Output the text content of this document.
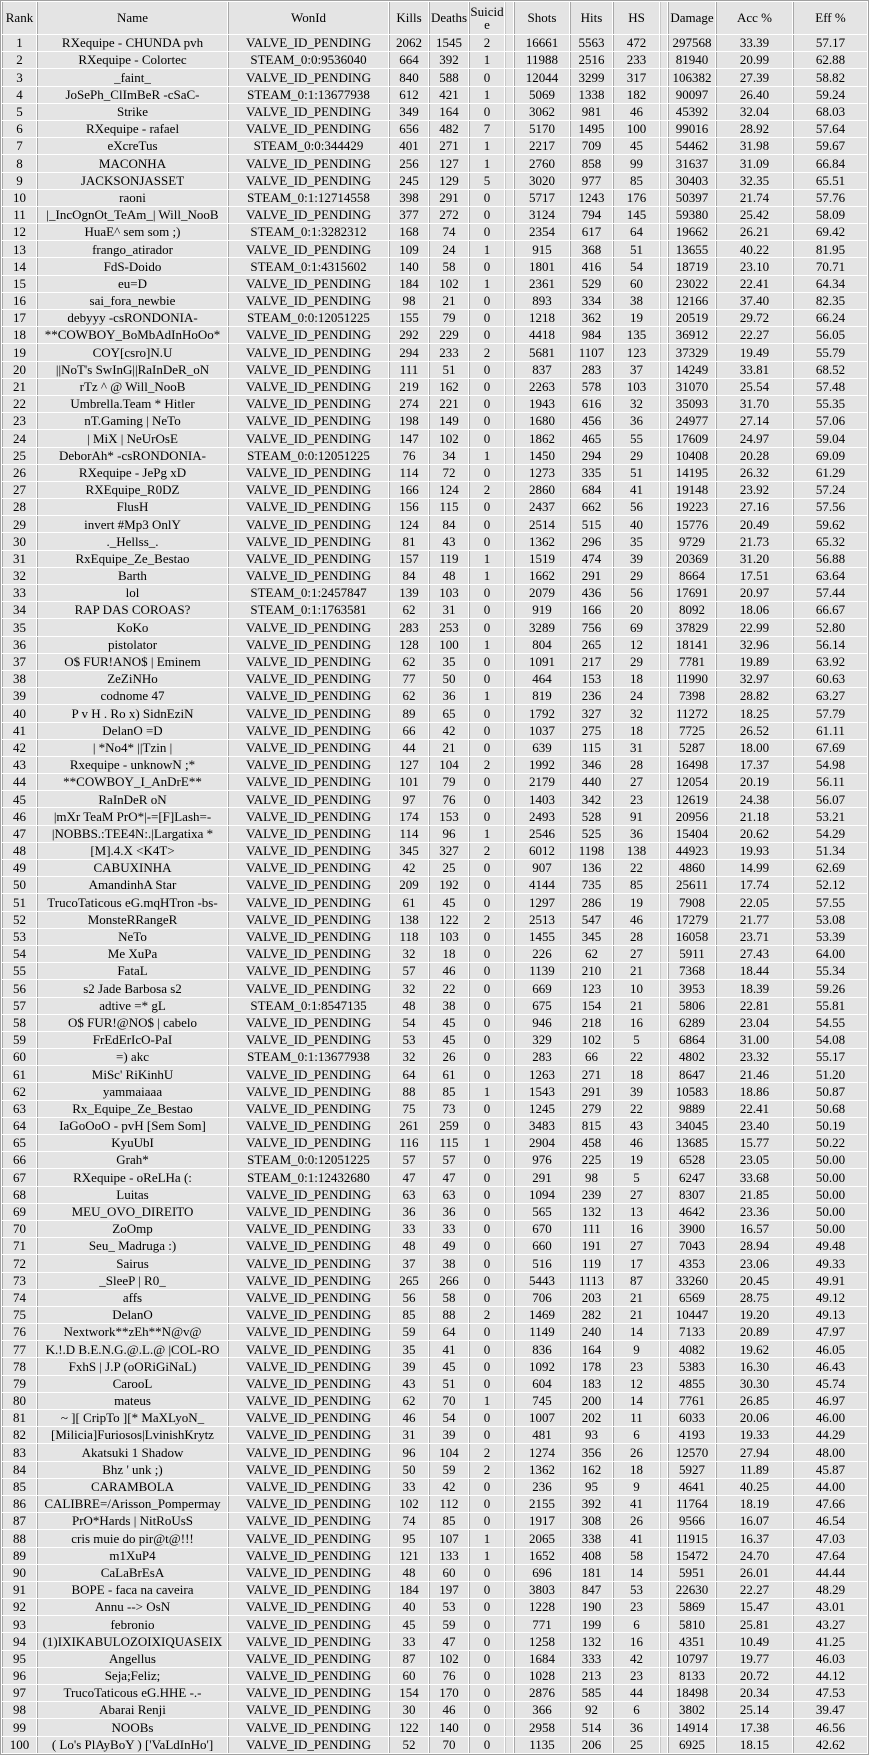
Rank	Name	WonId	Kills	Deaths	Suicide		Shots	Hits	HS		Damage	Acc %	Eff %
1	RXequipe - CHUNDA pvh	VALVE_ID_PENDING	2062	1545	2		16661	5563	472		297568	33.39	57.17
2	RXequipe - Colortec	STEAM_0:0:9536040	664	392	1		11988	2516	233		81940	20.99	62.88
3	_faint_	VALVE_ID_PENDING	840	588	0		12044	3299	317		106382	27.39	58.82
4	JoSePh_ClImBeR -cSaC-	STEAM_0:1:13677938	612	421	1		5069	1338	182		90097	26.40	59.24
5	Strike	VALVE_ID_PENDING	349	164	0		3062	981	46		45392	32.04	68.03
6	RXequipe - rafael	VALVE_ID_PENDING	656	482	7		5170	1495	100		99016	28.92	57.64
7	eXcreTus	STEAM_0:0:344429	401	271	1		2217	709	45		54462	31.98	59.67
8	MACONHA	VALVE_ID_PENDING	256	127	1		2760	858	99		31637	31.09	66.84
9	JACKSONJASSET	VALVE_ID_PENDING	245	129	5		3020	977	85		30403	32.35	65.51
10	raoni	STEAM_0:1:12714558	398	291	0		5717	1243	176		50397	21.74	57.76
11	|_IncOgnOt_TeAm_| Will_NooB	VALVE_ID_PENDING	377	272	0		3124	794	145		59380	25.42	58.09
12	HuaE^ sem som ;)	STEAM_0:1:3282312	168	74	0		2354	617	64		19662	26.21	69.42
13	frango_atirador	VALVE_ID_PENDING	109	24	1		915	368	51		13655	40.22	81.95
14	FdS-Doido	STEAM_0:1:4315602	140	58	0		1801	416	54		18719	23.10	70.71
15	eu=D	VALVE_ID_PENDING	184	102	1		2361	529	60		23022	22.41	64.34
16	sai_fora_newbie	VALVE_ID_PENDING	98	21	0		893	334	38		12166	37.40	82.35
17	debyyy -csRONDONIA-	STEAM_0:0:12051225	155	79	0		1218	362	19		20519	29.72	66.24
18	**COWBOY_BoMbAdInHoOo*	VALVE_ID_PENDING	292	229	0		4418	984	135		36912	22.27	56.05
19	COY[csro]N.U	VALVE_ID_PENDING	294	233	2		5681	1107	123		37329	19.49	55.79
20	||NoT's SwInG||RaInDeR_oN	VALVE_ID_PENDING	111	51	0		837	283	37		14249	33.81	68.52
21	rTz ^ @ Will_NooB	VALVE_ID_PENDING	219	162	0		2263	578	103		31070	25.54	57.48
22	Umbrella.Team * Hitler	VALVE_ID_PENDING	274	221	0		1943	616	32		35093	31.70	55.35
23	nT.Gaming | NeTo	VALVE_ID_PENDING	198	149	0		1680	456	36		24977	27.14	57.06
24	| MiX | NeUrOsE	VALVE_ID_PENDING	147	102	0		1862	465	55		17609	24.97	59.04
25	DeborAh* -csRONDONIA-	STEAM_0:0:12051225	76	34	1		1450	294	29		10408	20.28	69.09
26	RXequipe - JePg xD	VALVE_ID_PENDING	114	72	0		1273	335	51		14195	26.32	61.29
27	RXEquipe_R0DZ	VALVE_ID_PENDING	166	124	2		2860	684	41		19148	23.92	57.24
28	FlusH	VALVE_ID_PENDING	156	115	0		2437	662	56		19223	27.16	57.56
29	invert #Mp3 OnlY	VALVE_ID_PENDING	124	84	0		2514	515	40		15776	20.49	59.62
30	._Hellss_.	VALVE_ID_PENDING	81	43	0		1362	296	35		9729	21.73	65.32
31	RxEquipe_Ze_Bestao	VALVE_ID_PENDING	157	119	1		1519	474	39		20369	31.20	56.88
32	Barth	VALVE_ID_PENDING	84	48	1		1662	291	29		8664	17.51	63.64
33	lol	STEAM_0:1:2457847	139	103	0		2079	436	56		17691	20.97	57.44
34	RAP DAS COROAS?	STEAM_0:1:1763581	62	31	0		919	166	20		8092	18.06	66.67
35	KoKo	VALVE_ID_PENDING	283	253	0		3289	756	69		37829	22.99	52.80
36	pistolator	VALVE_ID_PENDING	128	100	1		804	265	12		18141	32.96	56.14
37	O$ FUR!ANO$ | Eminem	VALVE_ID_PENDING	62	35	0		1091	217	29		7781	19.89	63.92
38	ZeZiNHo	VALVE_ID_PENDING	77	50	0		464	153	18		11990	32.97	60.63
39	codnome 47	VALVE_ID_PENDING	62	36	1		819	236	24		7398	28.82	63.27
40	P v H . Ro x) SidnEziN	VALVE_ID_PENDING	89	65	0		1792	327	32		11272	18.25	57.79
41	DelanO =D	VALVE_ID_PENDING	66	42	0		1037	275	18		7725	26.52	61.11
42	| *No4* ||Tzin |	VALVE_ID_PENDING	44	21	0		639	115	31		5287	18.00	67.69
43	Rxequipe - unknowN ;*	VALVE_ID_PENDING	127	104	2		1992	346	28		16498	17.37	54.98
44	**COWBOY_I_AnDrE**	VALVE_ID_PENDING	101	79	0		2179	440	27		12054	20.19	56.11
45	RaInDeR oN	VALVE_ID_PENDING	97	76	0		1403	342	23		12619	24.38	56.07
46	|mXr TeaM PrO*|-=[F]Lash=-	VALVE_ID_PENDING	174	153	0		2493	528	91		20956	21.18	53.21
47	|NOBBS.:TEE4N:.|Largatixa *	VALVE_ID_PENDING	114	96	1		2546	525	36		15404	20.62	54.29
48	[M].4.X <K4T>	VALVE_ID_PENDING	345	327	2		6012	1198	138		44923	19.93	51.34
49	CABUXINHA	VALVE_ID_PENDING	42	25	0		907	136	22		4860	14.99	62.69
50	AmandinhA Star	VALVE_ID_PENDING	209	192	0		4144	735	85		25611	17.74	52.12
51	TrucoTaticous eG.mqHTron -bs-	VALVE_ID_PENDING	61	45	0		1297	286	19		7908	22.05	57.55
52	MonsteRRangeR	VALVE_ID_PENDING	138	122	2		2513	547	46		17279	21.77	53.08
53	NeTo	VALVE_ID_PENDING	118	103	0		1455	345	28		16058	23.71	53.39
54	Me XuPa	VALVE_ID_PENDING	32	18	0		226	62	27		5911	27.43	64.00
55	FataL	VALVE_ID_PENDING	57	46	0		1139	210	21		7368	18.44	55.34
56	s2 Jade Barbosa s2	VALVE_ID_PENDING	32	22	0		669	123	10		3953	18.39	59.26
57	adtive =* gL	STEAM_0:1:8547135	48	38	0		675	154	21		5806	22.81	55.81
58	O$ FUR!@NO$ | cabelo	VALVE_ID_PENDING	54	45	0		946	218	16		6289	23.04	54.55
59	FrEdErIcO-PaI	VALVE_ID_PENDING	53	45	0		329	102	5		6864	31.00	54.08
60	=) akc	STEAM_0:1:13677938	32	26	0		283	66	22		4802	23.32	55.17
61	MiSc' RiKinhU	VALVE_ID_PENDING	64	61	0		1263	271	18		8647	21.46	51.20
62	yammaiaaa	VALVE_ID_PENDING	88	85	1		1543	291	39		10583	18.86	50.87
63	Rx_Equipe_Ze_Bestao	VALVE_ID_PENDING	75	73	0		1245	279	22		9889	22.41	50.68
64	IaGoOoO - pvH [Sem Som]	VALVE_ID_PENDING	261	259	0		3483	815	43		34045	23.40	50.19
65	KyuUbI	VALVE_ID_PENDING	116	115	1		2904	458	46		13685	15.77	50.22
66	Grah*	STEAM_0:0:12051225	57	57	0		976	225	19		6528	23.05	50.00
67	RXequipe - oReLHa (:	STEAM_0:1:12432680	47	47	0		291	98	5		6247	33.68	50.00
68	Luitas	VALVE_ID_PENDING	63	63	0		1094	239	27		8307	21.85	50.00
69	MEU_OVO_DIREITO	VALVE_ID_PENDING	36	36	0		565	132	13		4642	23.36	50.00
70	ZoOmp	VALVE_ID_PENDING	33	33	0		670	111	16		3900	16.57	50.00
71	Seu_ Madruga :)	VALVE_ID_PENDING	48	49	0		660	191	27		7043	28.94	49.48
72	Sairus	VALVE_ID_PENDING	37	38	0		516	119	17		4353	23.06	49.33
73	_SleeP | R0_	VALVE_ID_PENDING	265	266	0		5443	1113	87		33260	20.45	49.91
74	affs	VALVE_ID_PENDING	56	58	0		706	203	21		6569	28.75	49.12
75	DelanO	VALVE_ID_PENDING	85	88	2		1469	282	21		10447	19.20	49.13
76	Nextwork**zEh**N@v@	VALVE_ID_PENDING	59	64	0		1149	240	14		7133	20.89	47.97
77	K.!.D B.E.N.G.@.L.@ |COL-RO	VALVE_ID_PENDING	35	41	0		836	164	9		4082	19.62	46.05
78	FxhS | J.P (oORiGiNaL)	VALVE_ID_PENDING	39	45	0		1092	178	23		5383	16.30	46.43
79	CarooL	VALVE_ID_PENDING	43	51	0		604	183	12		4855	30.30	45.74
80	mateus	VALVE_ID_PENDING	62	70	1		745	200	14		7761	26.85	46.97
81	~ ][ CripTo ][* MaXLyoN_	VALVE_ID_PENDING	46	54	0		1007	202	11		6033	20.06	46.00
82	[Milicia]Furiosos|LvinishKrytz	VALVE_ID_PENDING	31	39	0		481	93	6		4193	19.33	44.29
83	Akatsuki 1 Shadow	VALVE_ID_PENDING	96	104	2		1274	356	26		12570	27.94	48.00
84	Bhz ' unk ;)	VALVE_ID_PENDING	50	59	2		1362	162	18		5927	11.89	45.87
85	CARAMBOLA	VALVE_ID_PENDING	33	42	0		236	95	9		4641	40.25	44.00
86	CALIBRE=/Arisson_Pompermay	VALVE_ID_PENDING	102	112	0		2155	392	41		11764	18.19	47.66
87	PrO*Hards | NitRoUsS	VALVE_ID_PENDING	74	85	0		1917	308	26		9566	16.07	46.54
88	cris muie do pir@t@!!!	VALVE_ID_PENDING	95	107	1		2065	338	41		11915	16.37	47.03
89	m1XuP4	VALVE_ID_PENDING	121	133	1		1652	408	58		15472	24.70	47.64
90	CaLaBrEsA	VALVE_ID_PENDING	48	60	0		696	181	14		5951	26.01	44.44
91	BOPE - faca na caveira	VALVE_ID_PENDING	184	197	0		3803	847	53		22630	22.27	48.29
92	Annu --> OsN	VALVE_ID_PENDING	40	53	0		1228	190	23		5869	15.47	43.01
93	febronio	VALVE_ID_PENDING	45	59	0		771	199	6		5810	25.81	43.27
94	(1)IXIKABULOZOIXIQUASEIX	VALVE_ID_PENDING	33	47	0		1258	132	16		4351	10.49	41.25
95	Angellus	VALVE_ID_PENDING	87	102	0		1684	333	42		10797	19.77	46.03
96	Seja;Feliz;	VALVE_ID_PENDING	60	76	0		1028	213	23		8133	20.72	44.12
97	TrucoTaticous eG.HHE -.-	VALVE_ID_PENDING	154	170	0		2876	585	44		18498	20.34	47.53
98	Abarai Renji	VALVE_ID_PENDING	30	46	0		366	92	6		3802	25.14	39.47
99	NOOBs	VALVE_ID_PENDING	122	140	0		2958	514	36		14914	17.38	46.56
100	( Lo's PlAyBoY ) ['VaLdInHo']	VALVE_ID_PENDING	52	70	0		1135	206	25		6925	18.15	42.62
